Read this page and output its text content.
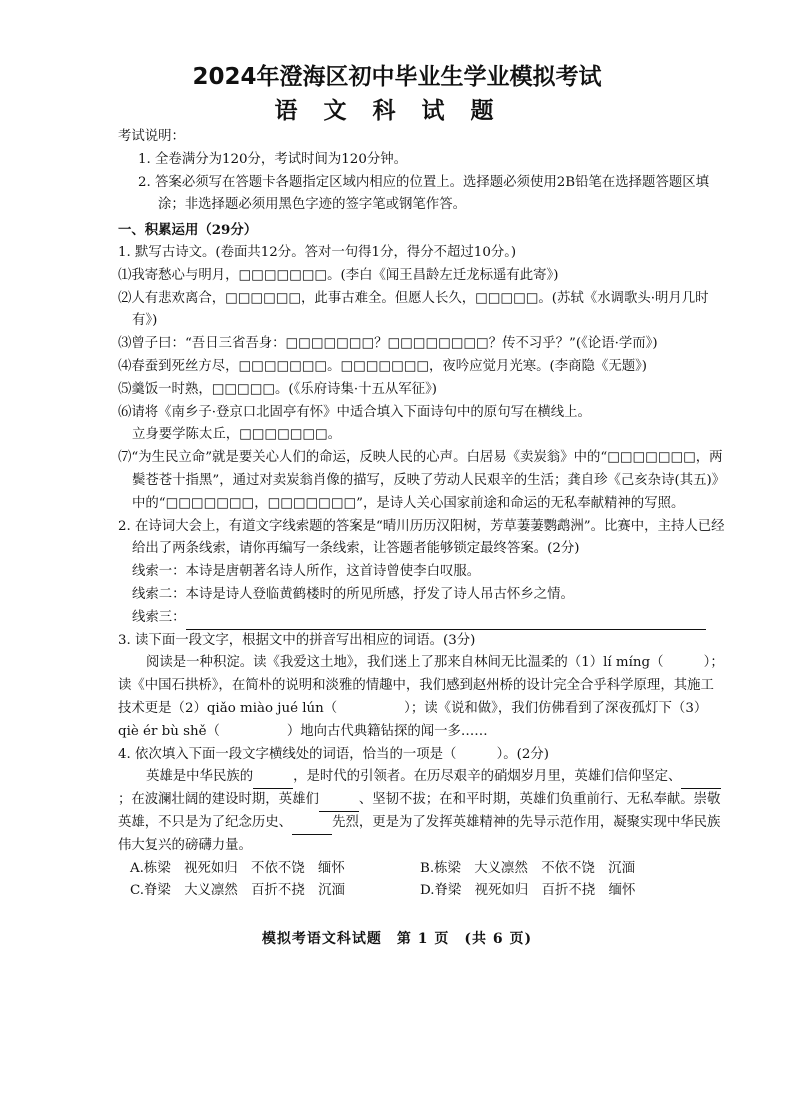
2024年澄海区初中毕业生学业模拟考试
语文科试题

考试说明：

1. 全卷满分为120分，考试时间为120分钟。

2. 答案必须写在答题卡各题指定区域内相应的位置上。选择题必须使用2B铅笔在选择题答题区填涂；非选择题必须用黑色字迹的签字笔或钢笔作答。

一、积累运用（29分）

1. 默写古诗文。(卷面共12分。答对一句得1分，得分不超过10分。)

⑴我寄愁心与明月，□□□□□□□。(李白《闻王昌龄左迁龙标遥有此寄》)

⑵人有悲欢离合，□□□□□□，此事古难全。但愿人长久，□□□□□。(苏轼《水调歌头·明月几时有》)

⑶曾子曰：“吾日三省吾身：□□□□□□□？□□□□□□□□？传不习乎？”(《论语·学而》)

⑷春蚕到死丝方尽，□□□□□□□。□□□□□□□，夜吟应觉月光寒。(李商隐《无题》)

⑸羹饭一时熟，□□□□□。(《乐府诗集·十五从军征》)

⑹请将《南乡子·登京口北固亭有怀》中适合填入下面诗句中的原句写在横线上。

立身要学陈太丘，□□□□□□□。

⑺“为生民立命”就是要关心人们的命运，反映人民的心声。白居易《卖炭翁》中的“□□□□□□□，两鬓苍苍十指黑”，通过对卖炭翁肖像的描写，反映了劳动人民艰辛的生活；龚自珍《己亥杂诗(其五)》中的“□□□□□□□，□□□□□□□”，是诗人关心国家前途和命运的无私奉献精神的写照。

2. 在诗词大会上，有道文字线索题的答案是“晴川历历汉阳树，芳草萋萋鹦鹉洲”。比赛中，主持人已经给出了两条线索，请你再编写一条线索，让答题者能够锁定最终答案。(2分)

线索一：本诗是唐朝著名诗人所作，这首诗曾使李白叹服。

线索二：本诗是诗人登临黄鹤楼时的所见所感，抒发了诗人吊古怀乡之情。

线索三：

3. 读下面一段文字，根据文中的拼音写出相应的词语。(3分)

阅读是一种积淀。读《我爱这土地》，我们迷上了那来自林间无比温柔的（1）lí míng（　　　）；读《中国石拱桥》，在简朴的说明和淡雅的情趣中，我们感到赵州桥的设计完全合乎科学原理，其施工技术更是（2）qiǎo miào jué lún（　　　　　）；读《说和做》，我们仿佛看到了深夜孤灯下（3）qiè ér bù shě（　　　　　）地向古代典籍钻探的闻一多……

4. 依次填入下面一段文字横线处的词语，恰当的一项是（　　　）。(2分)

英雄是中华民族的	，是时代的引领者。在历尽艰辛的硝烟岁月里，英雄们信仰坚定、；在波澜壮阔的建设时期，英雄们	、坚韧不拔；在和平时期，英雄们负重前行、无私奉献。崇敬英雄，不只是为了纪念历史、	先烈，更是为了发挥英雄精神的先导示范作用，凝聚实现中华民族伟大复兴的磅礴力量。

A.栋梁　视死如归　不依不饶　缅怀	B.栋梁　大义凛然　不依不饶　沉湎
C.脊梁　大义凛然　百折不挠　沉湎	D.脊梁　视死如归　百折不挠　缅怀
模拟考语文科试题　第 1 页　(共 6 页)
